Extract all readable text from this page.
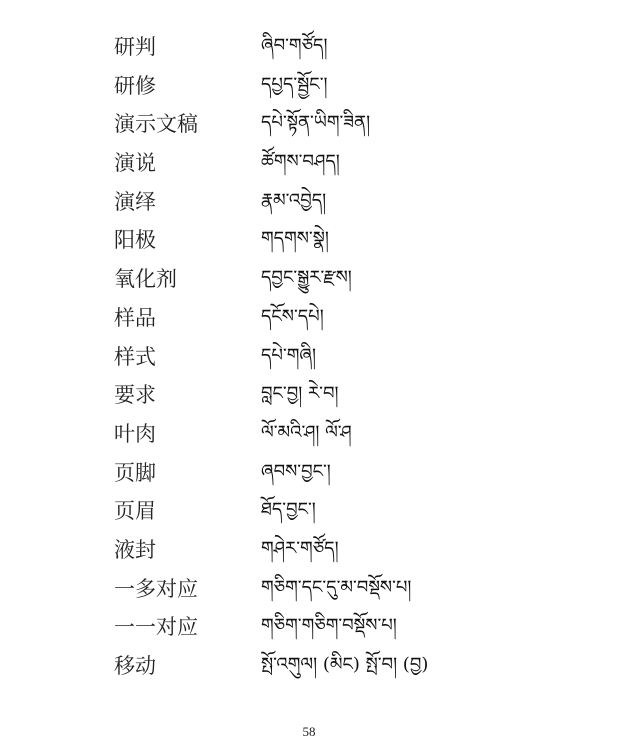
研判	ཞིབ་གཙོད།
研修	དཔྱད་སྦྱོང་།
演示文稿	དཔེ་སྟོན་ཡིག་ཟིན།
演说	ཚོགས་བཤད།
演绎	རྣམ་འབྱེད།
阳极	གདགས་སྣེ།
氧化剂	དབྱང་སྒྱུར་རྫས།
样品	དངོས་དཔེ།
样式	དཔེ་གཞི།
要求	བླང་བྱ། རེ་བ།
叶肉	ལོ་མའི་ཤ། ལོ་ཤ
页脚	ཞབས་བྱང་།
页眉	ཐོད་བྱང་།
液封	གཤེར་གཙོད།
一多对应	གཅིག་དང་དུ་མ་བསྡོས་པ།
一一对应	གཅིག་གཅིག་བསྡོས་པ།
移动	སྤོ་འགུལ། (མིང) སྤོ་བ། (བྱ)
58
